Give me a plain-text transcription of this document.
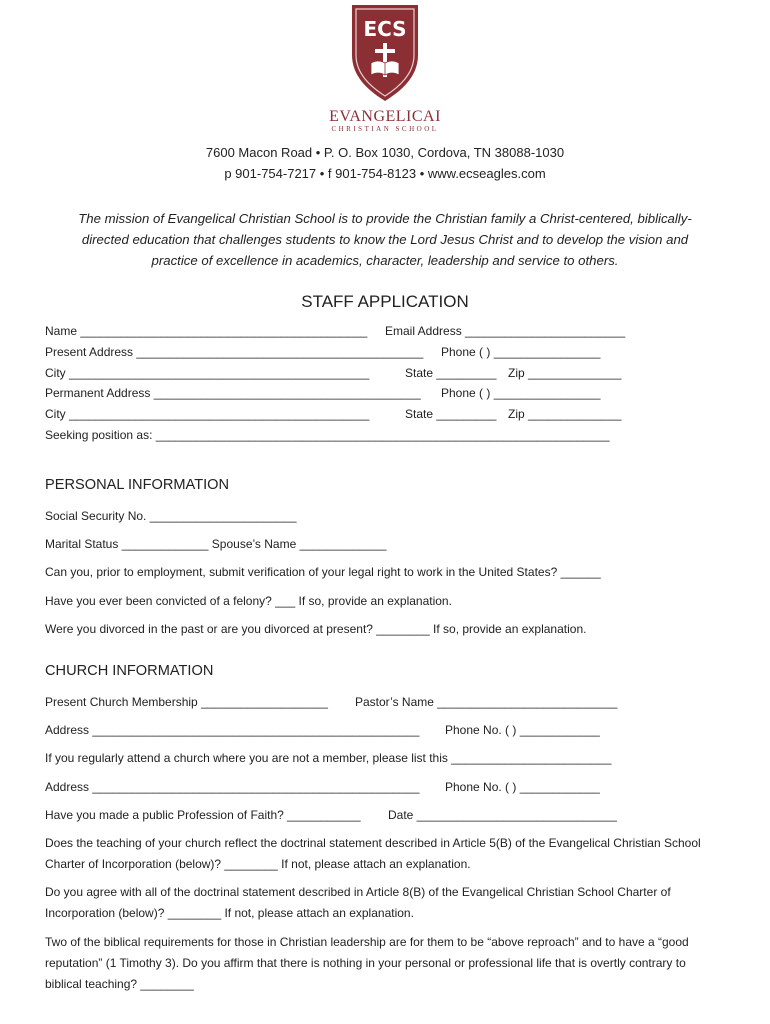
ECS
EVANGELICAI
CHRISTIAN SCHOOL
7600 Macon Road • P. O. Box 1030, Cordova, TN 38088-1030
p 901-754-7217 • f 901-754-8123 • www.ecseagles.com
The mission of Evangelical Christian School is to provide the Christian family a Christ-centered, biblically-
directed education that challenges students to know the Lord Jesus Christ and to develop the vision and
practice of excellence in academics, character, leadership and service to others.
STAFF APPLICATION
Name ___________________________________________ Email Address ________________________
Present Address ___________________________________________ Phone ( ) ________________
City _____________________________________________	State _________ Zip ______________
Permanent Address ________________________________________ Phone ( ) ________________
City _____________________________________________	State _________ Zip ______________
Seeking position as: ____________________________________________________________________
PERSONAL INFORMATION
Social Security No. ______________________
Marital Status _____________ Spouse’s Name _____________
Can you, prior to employment, submit verification of your legal right to work in the United States? ______
Have you ever been convicted of a felony? ___ If so, provide an explanation.
Were you divorced in the past or are you divorced at present? ________ If so, provide an explanation.
CHURCH INFORMATION
Present Church Membership ___________________ Pastor’s Name ___________________________
Address _________________________________________________ Phone No. ( ) ____________
If you regularly attend a church where you are not a member, please list this ________________________
Address _________________________________________________ Phone No. ( ) ____________
Have you made a public Profession of Faith? ___________ Date ______________________________
Does the teaching of your church reflect the doctrinal statement described in Article 5(B) of the Evangelical Christian School Charter of Incorporation (below)? ________ If not, please attach an explanation.
Do you agree with all of the doctrinal statement described in Article 8(B) of the Evangelical Christian School Charter of Incorporation (below)? ________ If not, please attach an explanation.
Two of the biblical requirements for those in Christian leadership are for them to be “above reproach” and to have a “good reputation” (1 Timothy 3). Do you affirm that there is nothing in your personal or professional life that is overtly contrary to biblical teaching? ________
